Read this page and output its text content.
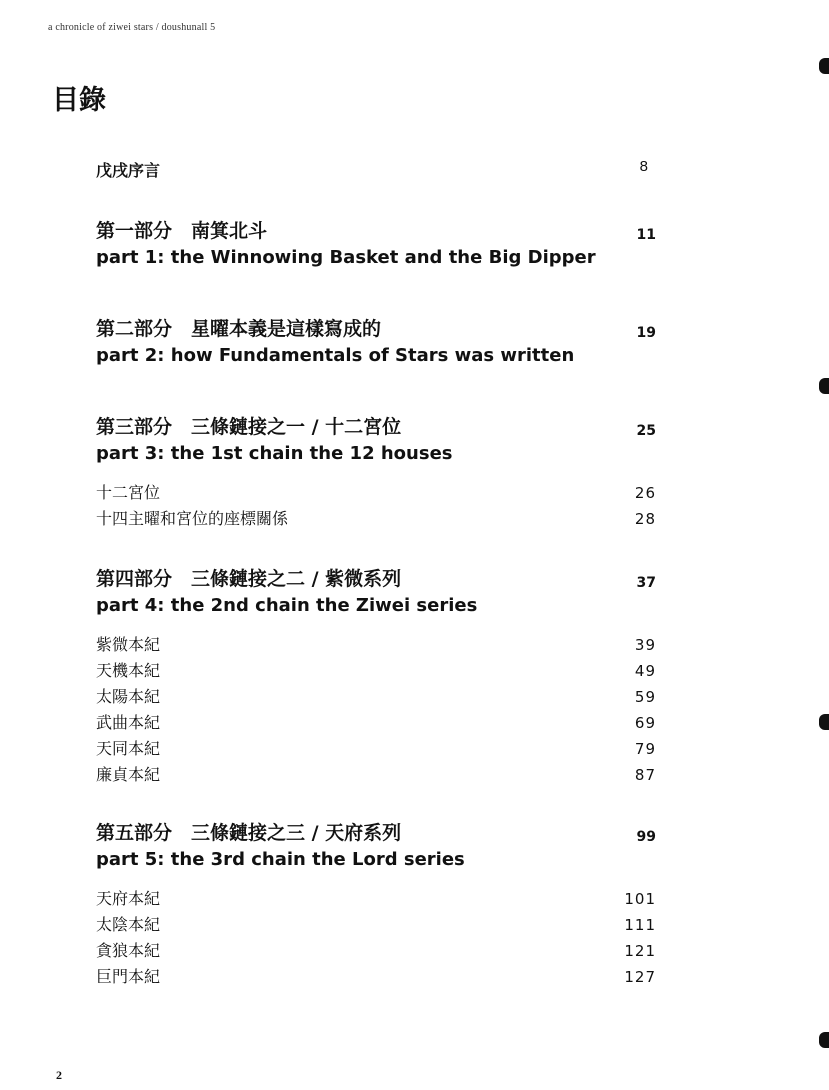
a chronicle of ziwei stars / doushunall 5
目錄
戊戌序言	8
第一部分　南箕北斗	11
part 1: the Winnowing Basket and the Big Dipper
第二部分　星曜本義是這樣寫成的	19
part 2: how Fundamentals of Stars was written
第三部分　三條鏈接之一 / 十二宮位	25
part 3: the 1st chain the 12 houses
十二宮位	26
十四主曜和宮位的座標關係	28
第四部分　三條鏈接之二 / 紫微系列	37
part 4: the 2nd chain the Ziwei series
紫微本紀	39
天機本紀	49
太陽本紀	59
武曲本紀	69
天同本紀	79
廉貞本紀	87
第五部分　三條鏈接之三 / 天府系列	99
part 5: the 3rd chain the Lord series
天府本紀	101
太陰本紀	111
貪狼本紀	121
巨門本紀	127
2
